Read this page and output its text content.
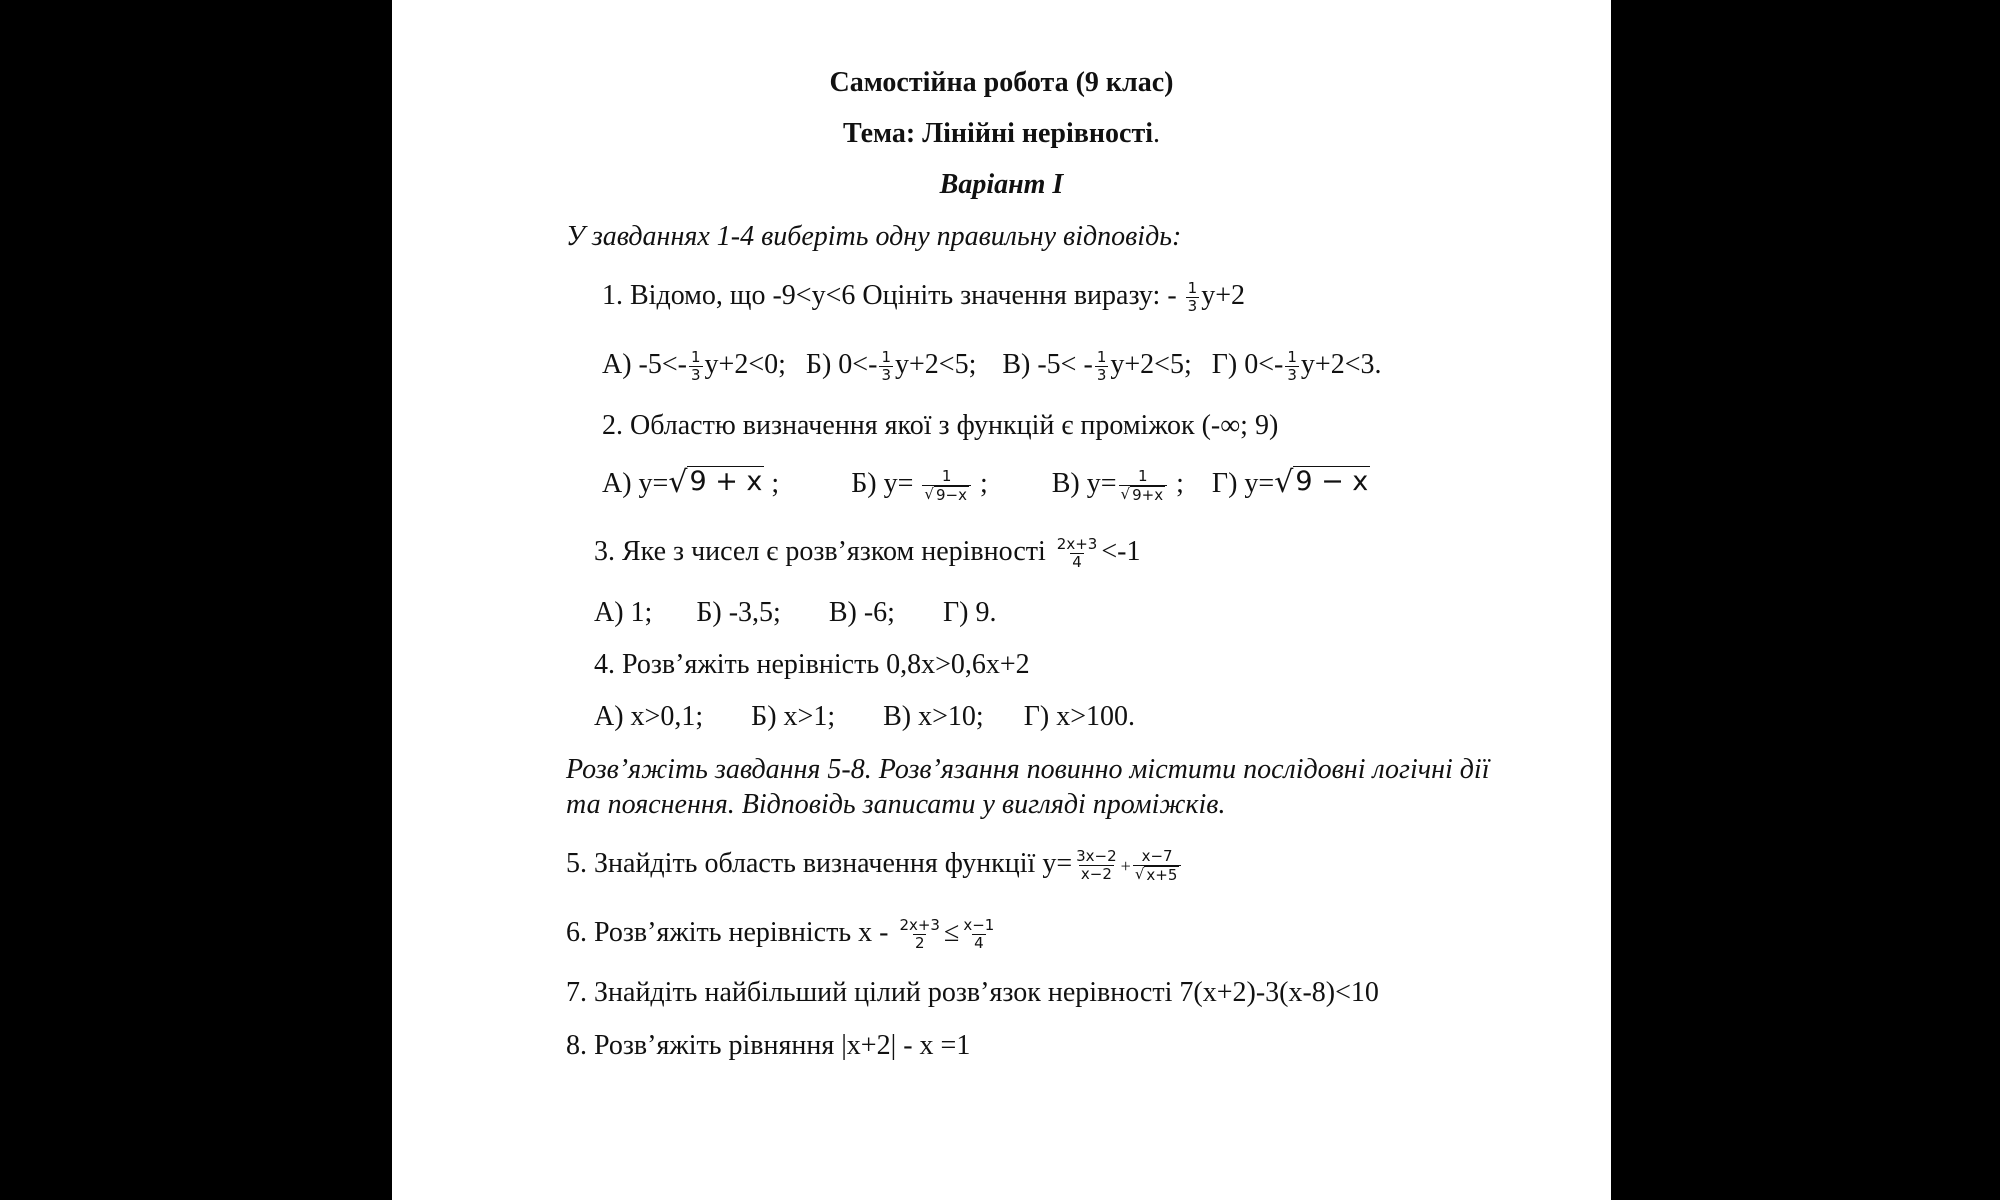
Самостійна робота (9 клас)
Тема: Лінійні нерівності.
Варіант І
У завданнях 1-4 виберіть одну правильну відповідь:
1. Відомо, що -9<y<6 Оцініть значення виразу: - $\frac{1}{3} y+2$
А) $-5<- \frac{1}{3} y+2<0$; Б) $0<- \frac{1}{3} y+2<5$; В) $-5< - \frac{1}{3} y+2<5$; Г) $0<- \frac{1}{3} y+2<3$.
2. Областю визначення якої з функцій є проміжок (-∞; 9)
А) y= √ 9 + x ;	Б) $y= \frac{1}{√ 9-x}$ ; В) $y= \frac{1}{√ 9+x}$ ; Г) y= √ 9 − x
3. Яке з чисел є розв’язком нерівності $\frac{2x+3}{4} <-1$
А) 1; Б) -3,5; В) -6; Г) 9.
4. Розв’яжіть нерівність 0,8x>0,6x+2
А) x>0,1; Б) x>1; В) x>10; Г) x>100.
Розв’яжіть завдання 5-8. Розв’язання повинно містити послідовні логічні дії
та пояснення. Відповідь записати у вигляді проміжків.
5. Знайдіть область визначення функції $y= \frac{3x-2}{x-2} + \frac{x-7}{√ x+5}$
6. Розв’яжіть нерівність $x - \frac{2x+3}{2} \le \frac{x-1}{4}$
7. Знайдіть найбільший цілий розв’язок нерівності 7(x+2)-3(x-8)<10
8. Розв’яжіть рівняння |x+2| - x =1
